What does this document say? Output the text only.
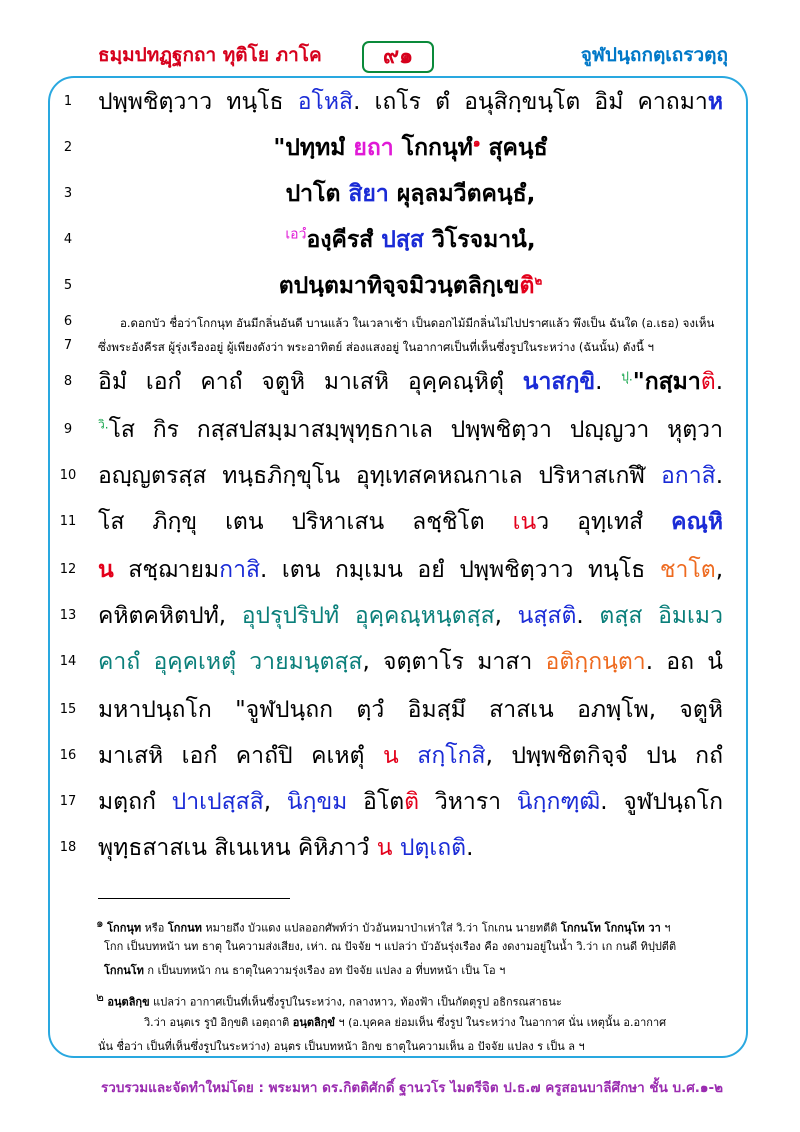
ธมฺมปทฏฺฐกถา ทุติโย ภาโค	๙๑	จูฬปนฺถกตฺเถรวตฺถุ
1	ปพฺพชิตฺวาว ทนฺโธ อโหสิ. เถโร ตํ อนุสิกฺขนฺโต อิมํ คาถมาห
2	"ปทฺทมํ ยถา โกกนุทํ$^๑$ สุคนฺธํ
3	ปาโต สิยา ผุลฺลมวีตคนฺธํ,
4	$^{เอวํ}$องฺคีรสํ ปสฺส วิโรจมานํ,
5	ตปนฺตมาทิจฺจมิวนฺตลิกฺเขติ$^๒$
6	อ.ดอกบัว ชื่อว่าโกกนุท อันมีกลิ่นอันดี บานแล้ว ในเวลาเช้า เป็นดอกไม้มีกลิ่นไม่ไปปราศแล้ว พึงเป็น ฉันใด (อ.เธอ) จงเห็น
7	ซึ่งพระอังคีรส ผู้รุ่งเรืองอยู่ ผู้เพียงดังว่า พระอาทิตย์ ส่องแสงอยู่ ในอากาศเป็นที่เห็นซึ่งรูปในระหว่าง (ฉันนั้น) ดังนี้ ฯ
8	อิมํ เอกํ คาถํ จตูหิ มาเสหิ อุคฺคณฺหิตุํ นาสกฺขิ. $^{ปุ.}$"กสฺมาติ.
9	$^{วิ.}$โส กิร กสฺสปสมฺมาสมฺพุทฺธกาเล ปพฺพชิตฺวา ปญฺญวา หุตฺวา
10 อญฺญตรสฺส ทนฺธภิกฺขุโน อุทฺเทสคหณกาเล ปริหาสเกฬึ อกาสิ.
11 โส ภิกฺขุ เตน ปริหาเสน ลชฺชิโต เนว อุทฺเทสํ คณฺหิ
12 น สชฺฌายมกาสิ. เตน กมฺเมน อยํ ปพฺพชิตฺวาว ทนฺโธ ชาโต,
13 คหิตคหิตปทํ, อุปรุปริปทํ อุคฺคณฺหนฺตสฺส, นสฺสติ. ตสฺส อิมเมว
14 คาถํ อุคฺคเหตุํ วายมนฺตสฺส, จตฺตาโร มาสา อติกฺกนฺตา. อถ นํ
15 มหาปนฺถโก "จูฬปนฺถก ตฺวํ อิมสฺมึ สาสเน อภพฺโพ, จตูหิ
16 มาเสหิ เอกํ คาถํปิ คเหตุํ น สกฺโกสิ, ปพฺพชิตกิจฺจํ ปน กถํ
17 มตฺถกํ ปาเปสฺสสิ, นิกฺขม อิโตติ วิหารา นิกฺกฑฺฒิ. จูฬปนฺถโก
18 พุทฺธสาสเน สิเนเหน คิหิภาวํ น ปตฺเถติ.
$^๑$ โกกนุท หรือ โกกนท หมายถึง บัวแดง แปลออกศัพท์ว่า บัวอันหมาป่าเห่าใส่ วิ.ว่า โกเกน นายทตีติ โกกนโท โกกนุโท วา ฯ
โกก เป็นบทหน้า นท ธาตุ ในความส่งเสียง, เห่า. ณ ปัจจัย ฯ แปลว่า บัวอันรุ่งเรือง คือ งดงามอยู่ในน้ำ วิ.ว่า เก กนดี ทิปฺปตีติ
โกกนโท ก เป็นบทหน้า กน ธาตุในความรุ่งเรือง อท ปัจจัย แปลง อ ที่บทหน้า เป็น โอ ฯ
$^๒$ อนฺตลิกฺข แปลว่า อากาศเป็นที่เห็นซึ่งรูปในระหว่าง, กลางหาว, ท้องฟ้า เป็นกัตตุรูป อธิกรณสาธนะ
วิ.ว่า อนฺตเร รูปํ อิกฺขติ เอตฺถาติ อนฺตลิกฺขํ ฯ (อ.บุคคล ย่อมเห็น ซึ่งรูป ในระหว่าง ในอากาศ นั่น เหตุนั้น อ.อากาศ
นั่น ชื่อว่า เป็นที่เห็นซึ่งรูปในระหว่าง) อนฺตร เป็นบทหน้า อิกข ธาตุในความเห็น อ ปัจจัย แปลง ร เป็น ล ฯ
รวบรวมและจัดทำใหม่โดย : พระมหา ดร.กิตติศักดิ์ ฐานวโร ไมตรีจิต ป.ธ.๗ ครูสอนบาลีศึกษา ชั้น บ.ศ.๑-๒
